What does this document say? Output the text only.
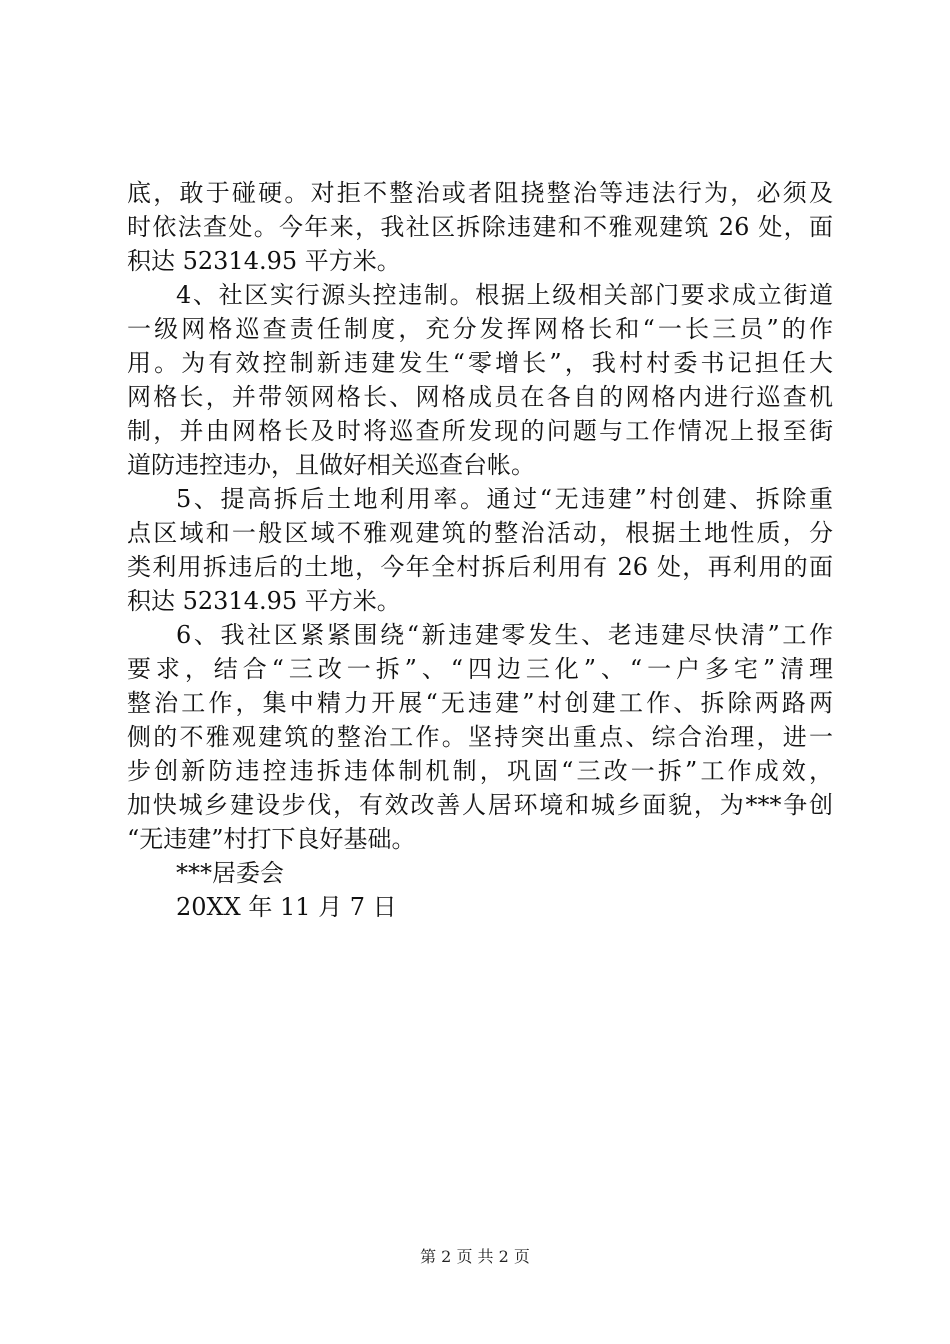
底，敢于碰硬。对拒不整治或者阻挠整治等违法行为，必须及
时依法查处。今年来，我社区拆除违建和不雅观建筑 26 处，面
积达 52314.95 平方米。
4、社区实行源头控违制。根据上级相关部门要求成立街道
一级网格巡查责任制度，充分发挥网格长和“一长三员”的作
用。为有效控制新违建发生“零增长”，我村村委书记担任大
网格长，并带领网格长、网格成员在各自的网格内进行巡查机
制，并由网格长及时将巡查所发现的问题与工作情况上报至街
道防违控违办，且做好相关巡查台帐。
5、提高拆后土地利用率。通过“无违建”村创建、拆除重
点区域和一般区域不雅观建筑的整治活动，根据土地性质，分
类利用拆违后的土地，今年全村拆后利用有 26 处，再利用的面
积达 52314.95 平方米。
6、我社区紧紧围绕“新违建零发生、老违建尽快清”工作
要求，结合“三改一拆”、“四边三化”、“一户多宅”清理
整治工作，集中精力开展“无违建”村创建工作、拆除两路两
侧的不雅观建筑的整治工作。坚持突出重点、综合治理，进一
步创新防违控违拆违体制机制，巩固“三改一拆”工作成效，
加快城乡建设步伐，有效改善人居环境和城乡面貌，为***争创
“无违建”村打下良好基础。
***居委会
20XX 年 11 月 7 日
第 2 页 共 2 页
